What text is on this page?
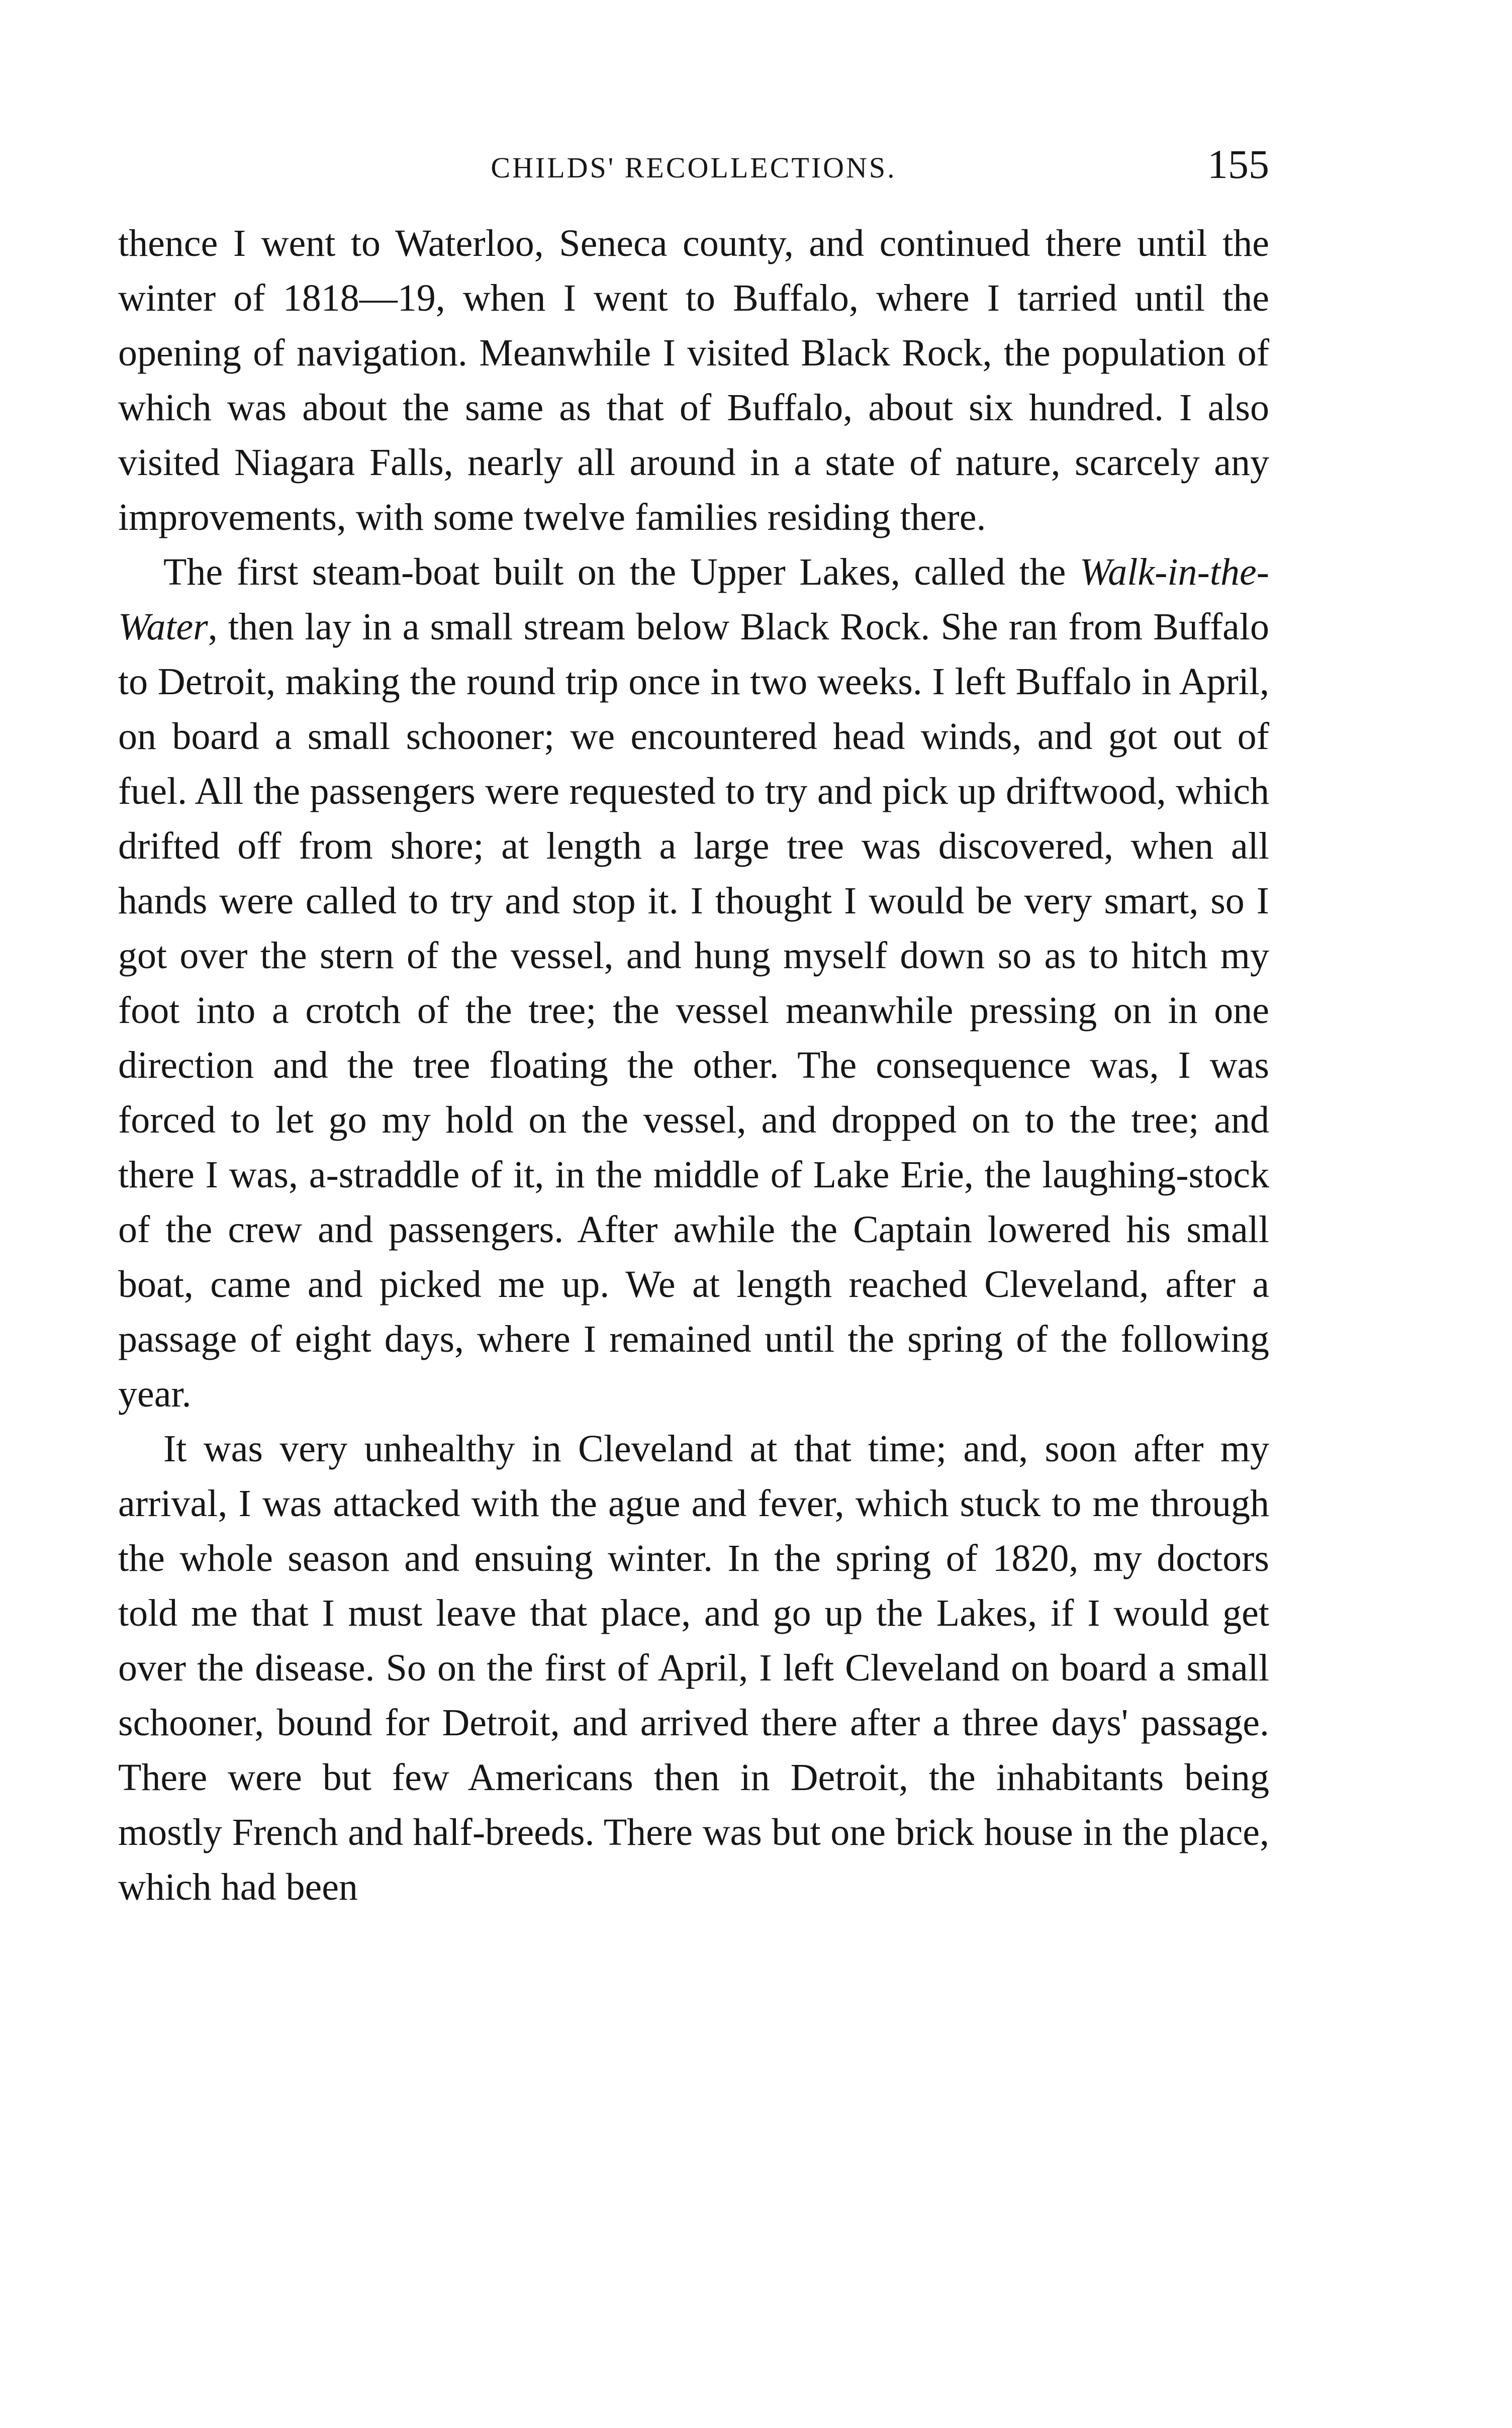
CHILDS' RECOLLECTIONS.	155

thence I went to Waterloo, Seneca county, and continued there until the winter of 1818—19, when I went to Buffalo, where I tarried until the opening of navigation. Meanwhile I visited Black Rock, the population of which was about the same as that of Buffalo, about six hundred. I also visited Niagara Falls, nearly all around in a state of nature, scarcely any improvements, with some twelve families residing there.

The first steam-boat built on the Upper Lakes, called the Walk-in-the-Water, then lay in a small stream below Black Rock. She ran from Buffalo to Detroit, making the round trip once in two weeks. I left Buffalo in April, on board a small schooner; we encountered head winds, and got out of fuel. All the passengers were requested to try and pick up driftwood, which drifted off from shore; at length a large tree was discovered, when all hands were called to try and stop it. I thought I would be very smart, so I got over the stern of the vessel, and hung myself down so as to hitch my foot into a crotch of the tree; the vessel meanwhile pressing on in one direction and the tree floating the other. The consequence was, I was forced to let go my hold on the vessel, and dropped on to the tree; and there I was, a-straddle of it, in the middle of Lake Erie, the laughing-stock of the crew and passengers. After awhile the Captain lowered his small boat, came and picked me up. We at length reached Cleveland, after a passage of eight days, where I remained until the spring of the following year.

It was very unhealthy in Cleveland at that time; and, soon after my arrival, I was attacked with the ague and fever, which stuck to me through the whole season and ensuing winter. In the spring of 1820, my doctors told me that I must leave that place, and go up the Lakes, if I would get over the disease. So on the first of April, I left Cleveland on board a small schooner, bound for Detroit, and arrived there after a three days' passage. There were but few Americans then in Detroit, the inhabitants being mostly French and half-breeds. There was but one brick house in the place, which had been
